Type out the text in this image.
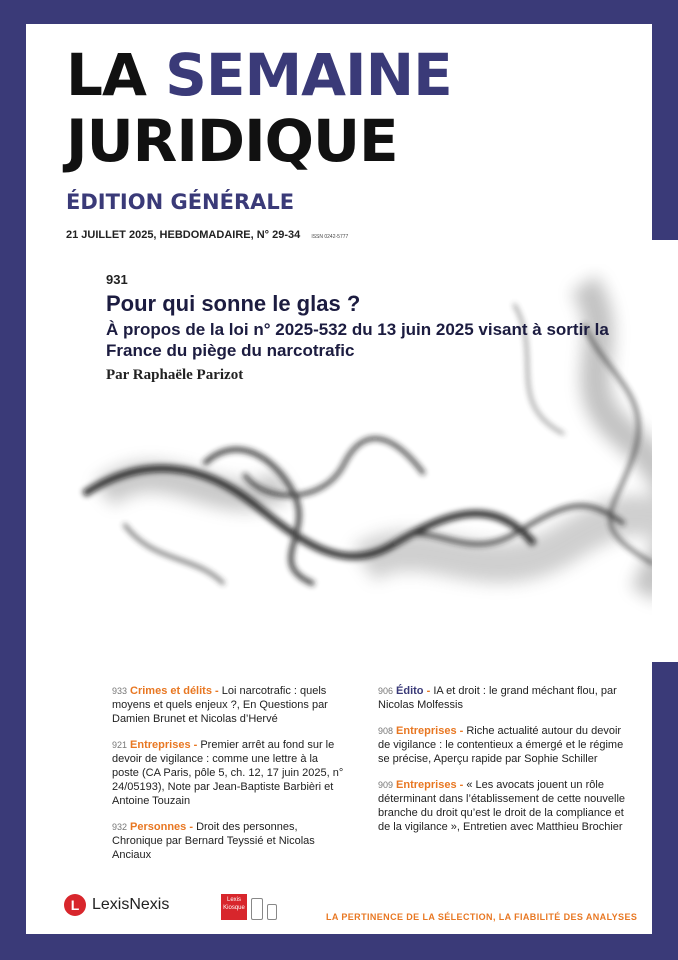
LA SEMAINE
JURIDIQUE
ÉDITION GÉNÉRALE
21 JUILLET 2025, HEBDOMADAIRE, N° 29-34 ISSN 0242-5777
931
Pour qui sonne le glas ?
À propos de la loi n° 2025-532 du 13 juin 2025 visant à sortir la France du piège du narcotrafic
Par Raphaële Parizot
933 Crimes et délits - Loi narcotrafic : quels moyens et quels enjeux ?, En Questions par Damien Brunet et Nicolas d’Hervé
921 Entreprises - Premier arrêt au fond sur le devoir de vigilance : comme une lettre à la poste (CA Paris, pôle 5, ch. 12, 17 juin 2025, n° 24/05193), Note par Jean-Baptiste Barbièri et Antoine Touzain
932 Personnes - Droit des personnes, Chronique par Bernard Teyssié et Nicolas Anciaux
906 Édito - IA et droit : le grand méchant flou, par Nicolas Molfessis
908 Entreprises - Riche actualité autour du devoir de vigilance : le contentieux a émergé et le régime se précise, Aperçu rapide par Sophie Schiller
909 Entreprises - « Les avocats jouent un rôle déterminant dans l’établissement de cette nouvelle branche du droit qu’est le droit de la compliance et de la vigilance », Entretien avec Matthieu Brochier
L LexisNexis	Lexis Kiosque
LA PERTINENCE DE LA SÉLECTION, LA FIABILITÉ DES ANALYSES
